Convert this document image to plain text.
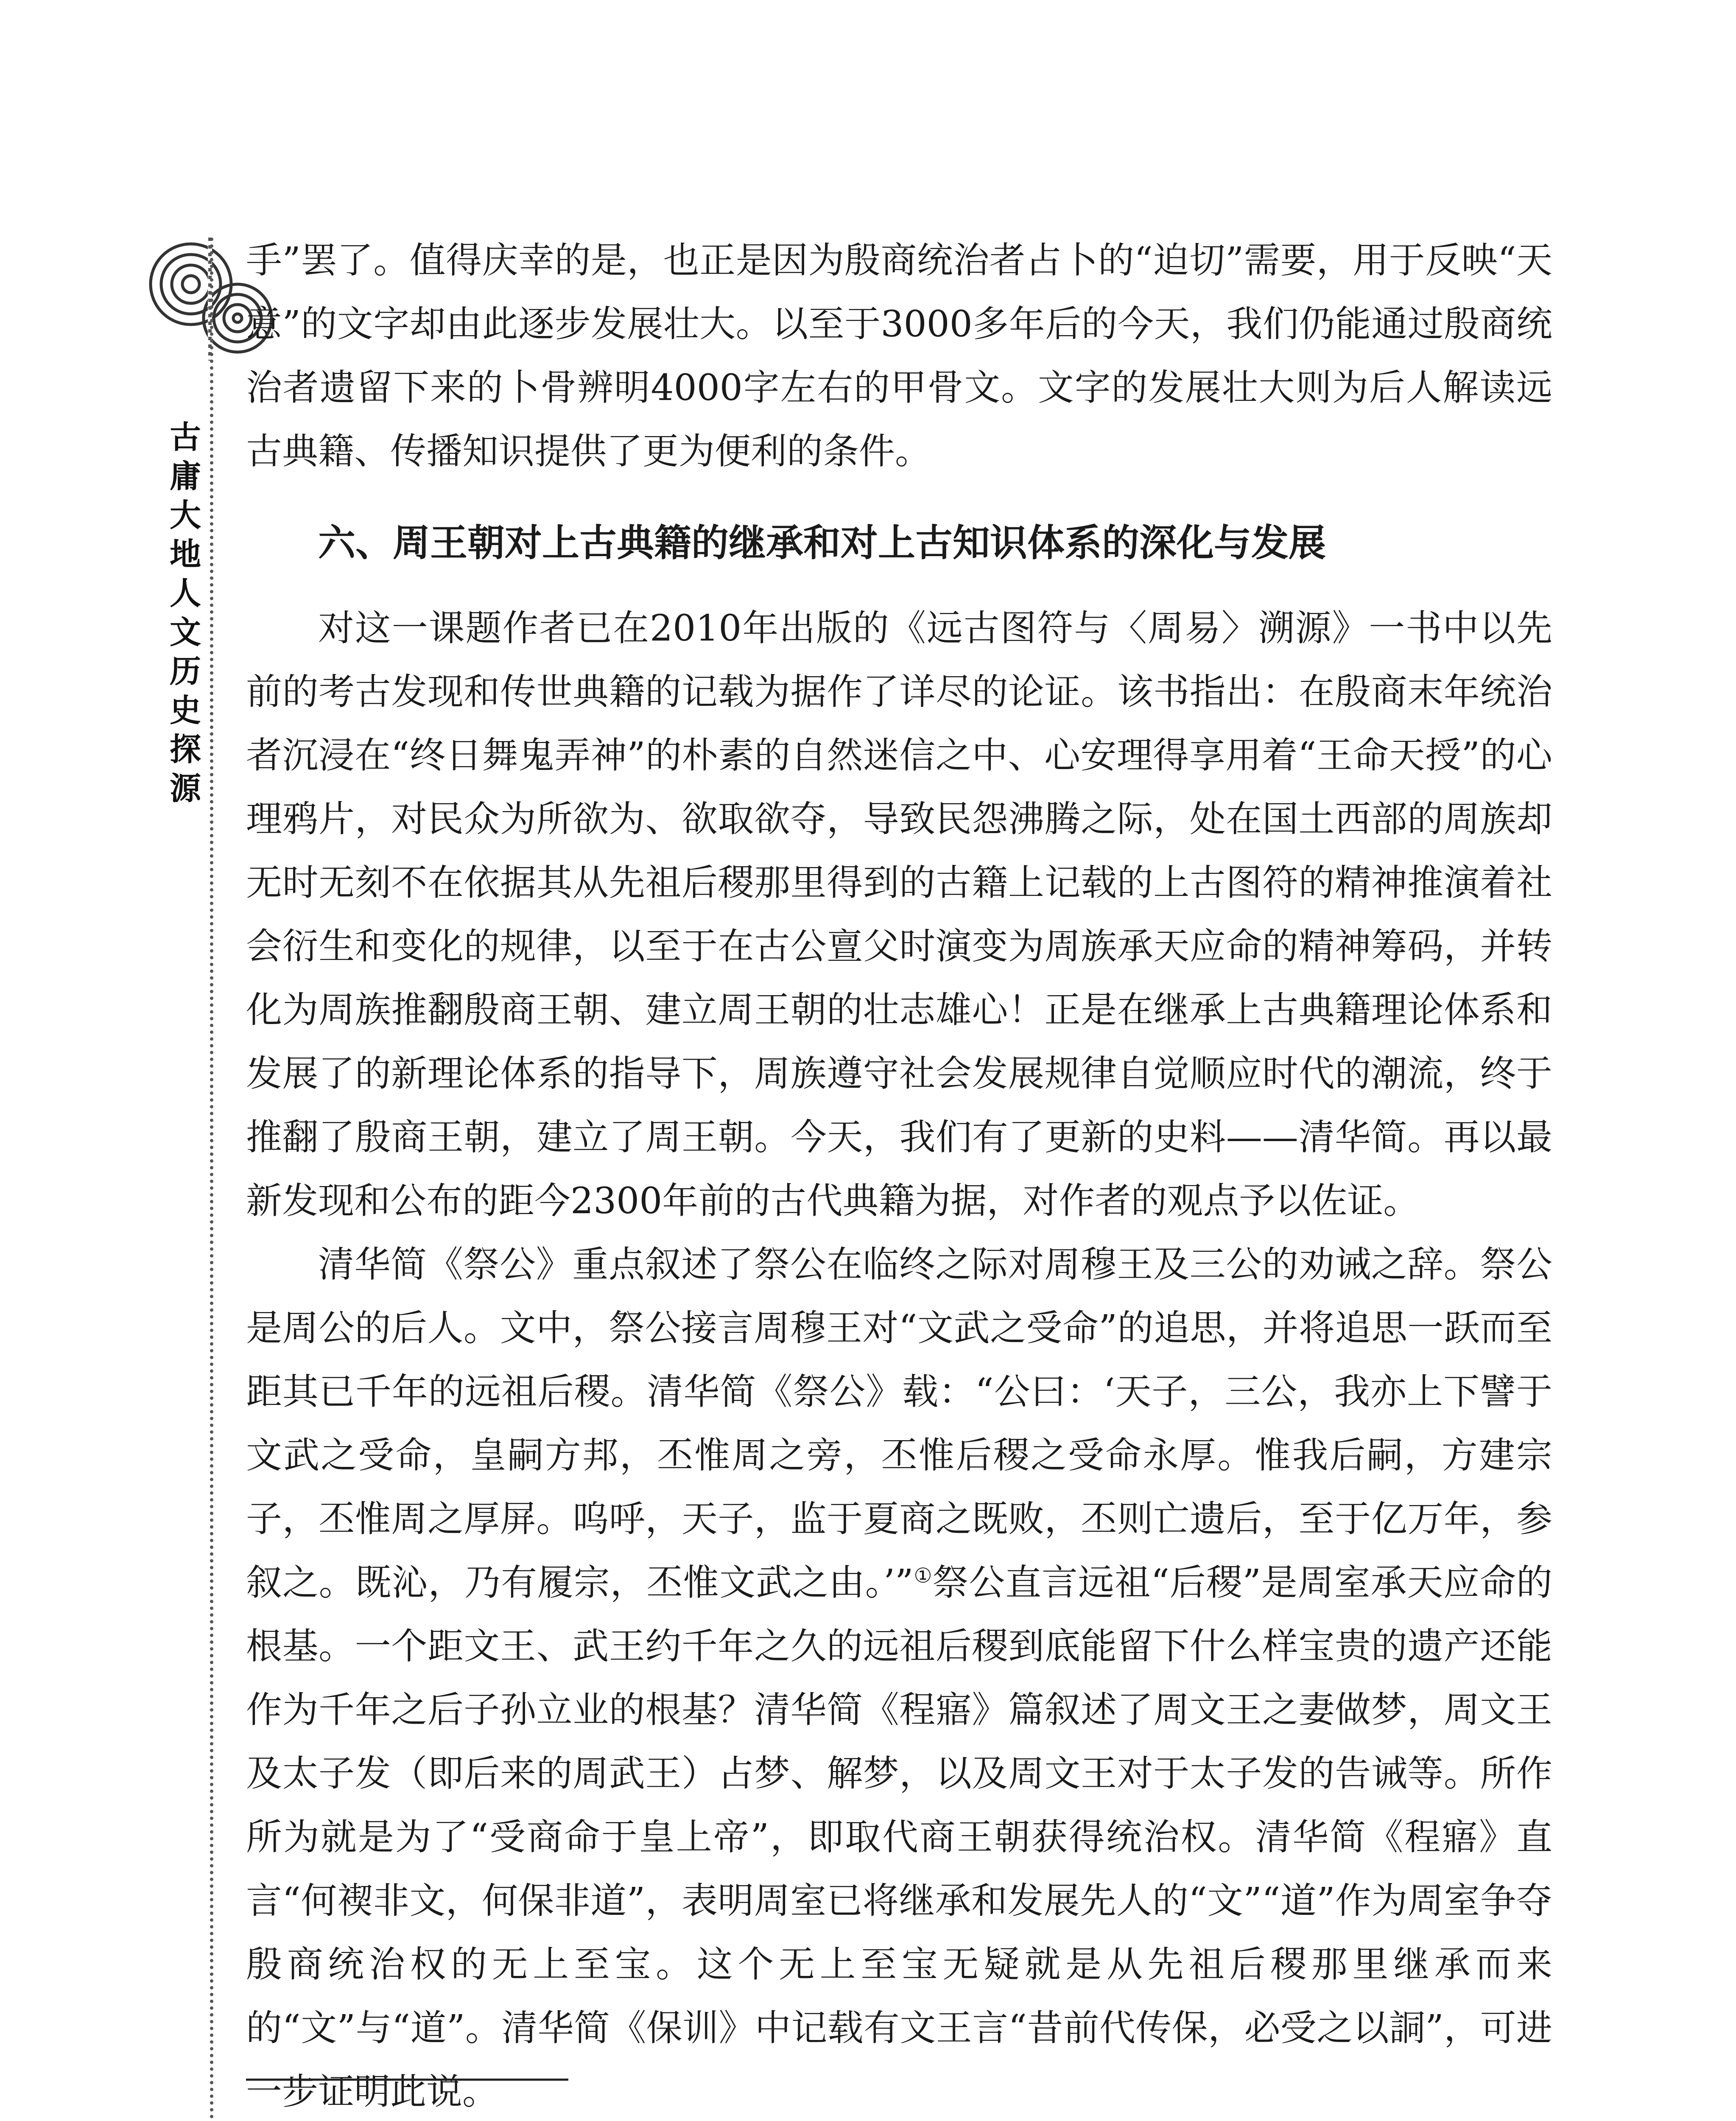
古
庸
大
地
人
文
历
史
探
源

手”罢了。值得庆幸的是，也正是因为殷商统治者占卜的“迫切”需要，用于反映“天意”的文字却由此逐步发展壮大。以至于3000多年后的今天，我们仍能通过殷商统治者遗留下来的卜骨辨明4000字左右的甲骨文。文字的发展壮大则为后人解读远古典籍、传播知识提供了更为便利的条件。

六、周王朝对上古典籍的继承和对上古知识体系的深化与发展

对这一课题作者已在2010年出版的《远古图符与〈周易〉溯源》一书中以先前的考古发现和传世典籍的记载为据作了详尽的论证。该书指出：在殷商末年统治者沉浸在“终日舞鬼弄神”的朴素的自然迷信之中、心安理得享用着“王命天授”的心理鸦片，对民众为所欲为、欲取欲夺，导致民怨沸腾之际，处在国土西部的周族却无时无刻不在依据其从先祖后稷那里得到的古籍上记载的上古图符的精神推演着社会衍生和变化的规律，以至于在古公亶父时演变为周族承天应命的精神筹码，并转化为周族推翻殷商王朝、建立周王朝的壮志雄心！正是在继承上古典籍理论体系和发展了的新理论体系的指导下，周族遵守社会发展规律自觉顺应时代的潮流，终于推翻了殷商王朝，建立了周王朝。今天，我们有了更新的史料——清华简。再以最新发现和公布的距今2300年前的古代典籍为据，对作者的观点予以佐证。

清华简《祭公》重点叙述了祭公在临终之际对周穆王及三公的劝诫之辞。祭公是周公的后人。文中，祭公接言周穆王对“文武之受命”的追思，并将追思一跃而至距其已千年的远祖后稷。清华简《祭公》载：“公曰：‘天子，三公，我亦上下譬于文武之受命，皇嗣方邦，丕惟周之旁，丕惟后稷之受命永厚。惟我后嗣，方建宗子，丕惟周之厚屏。呜呼，天子，监于夏商之既败，丕则亡遗后，至于亿万年，参叙之。既沁，乃有履宗，丕惟文武之由。’”①祭公直言远祖“后稷”是周室承天应命的根基。一个距文王、武王约千年之久的远祖后稷到底能留下什么样宝贵的遗产还能作为千年之后子孙立业的根基？清华简《程寤》篇叙述了周文王之妻做梦，周文王及太子发（即后来的周武王）占梦、解梦，以及周文王对于太子发的告诫等。所作所为就是为了“受商命于皇上帝”，即取代商王朝获得统治权。清华简《程寤》直言“何褉非文，何保非道”，表明周室已将继承和发展先人的“文”“道”作为周室争夺殷商统治权的无上至宝。这个无上至宝无疑就是从先祖后稷那里继承而来的“文”与“道”。清华简《保训》中记载有文王言“昔前代传保，必受之以詷”，可进一步证明此说。
